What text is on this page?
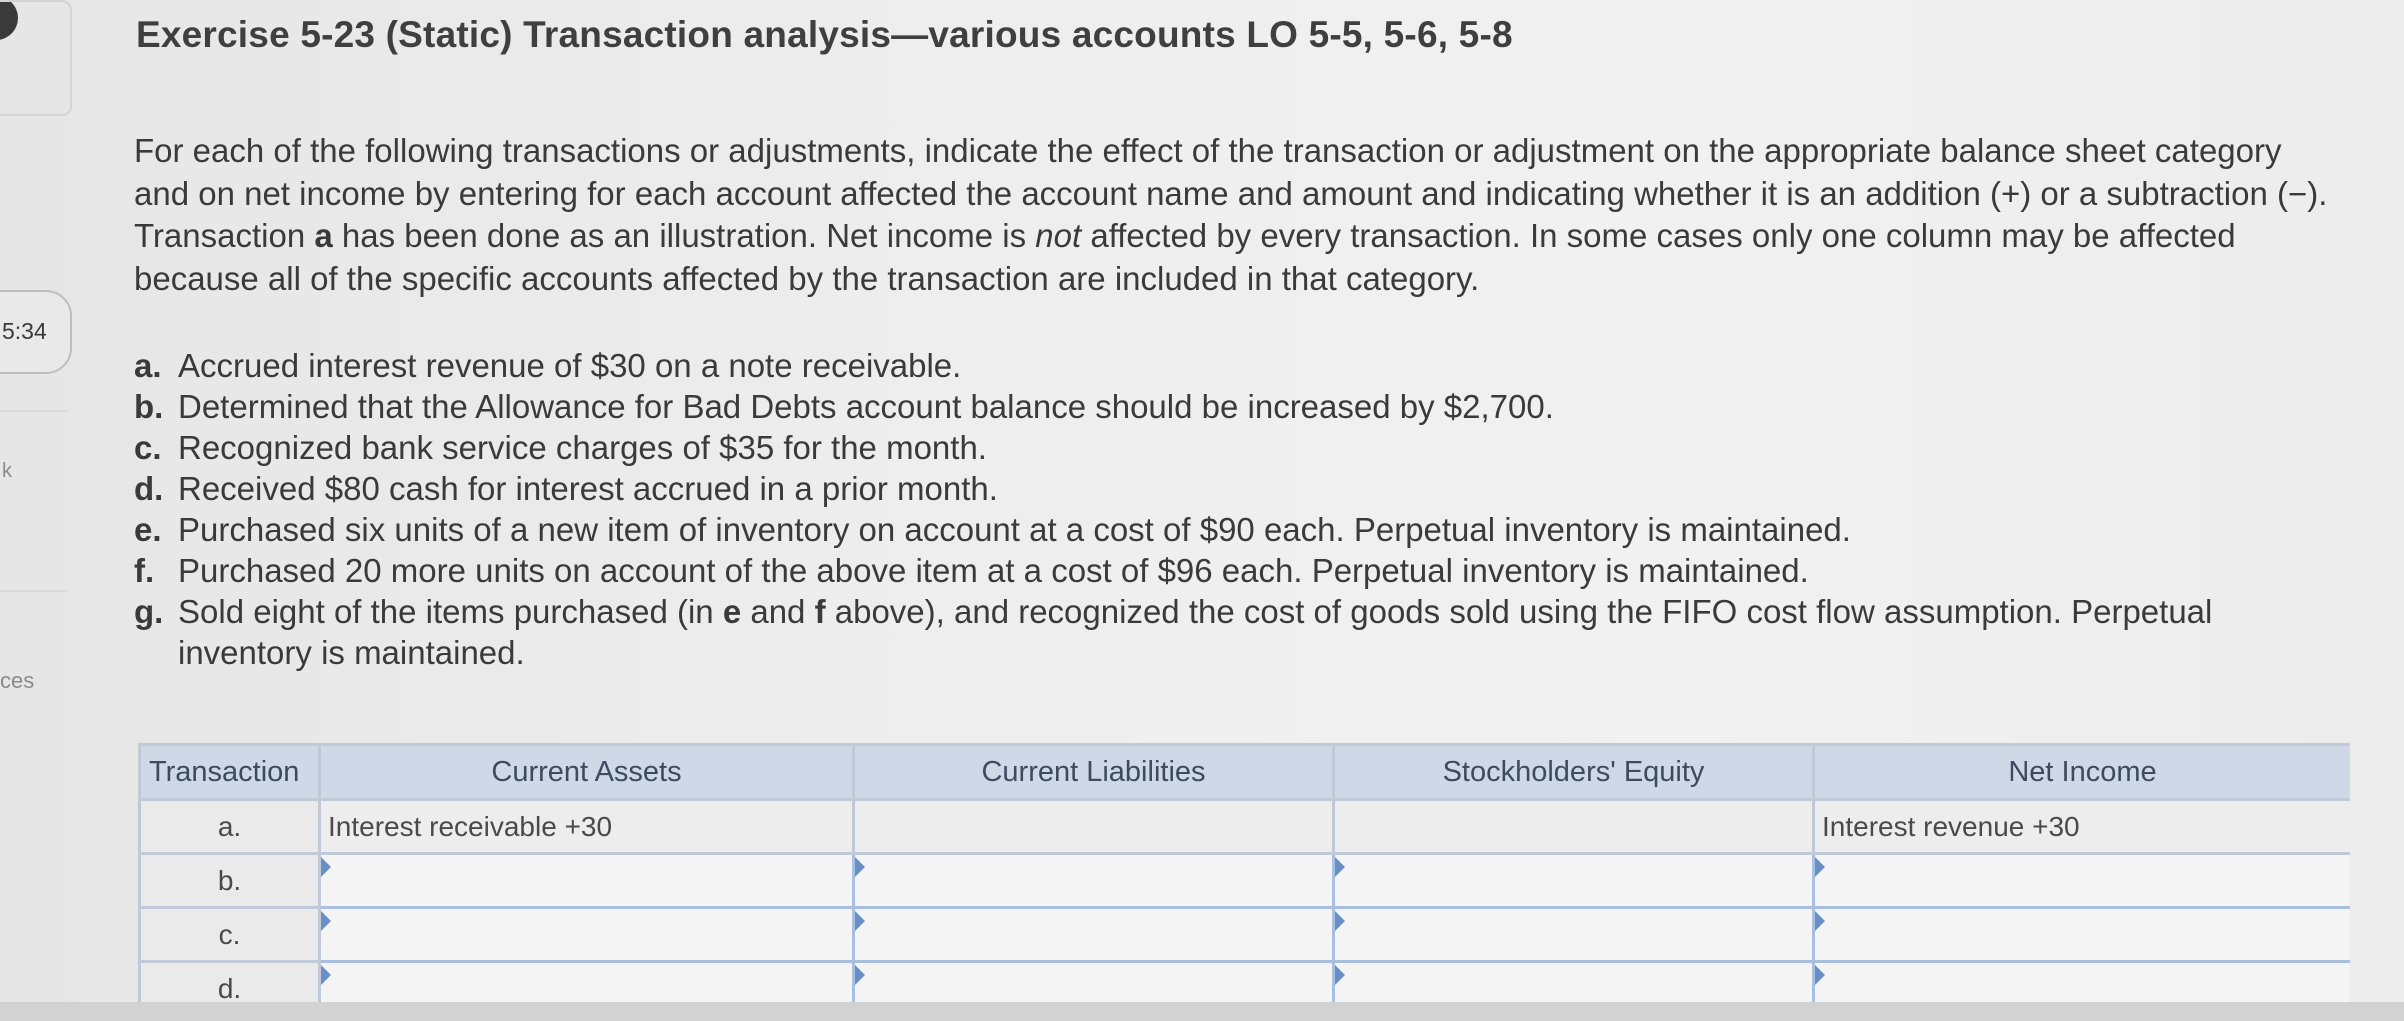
5:34
k
ces
Exercise 5-23 (Static) Transaction analysis—various accounts LO 5-5, 5-6, 5-8
For each of the following transactions or adjustments, indicate the effect of the transaction or adjustment on the appropriate balance sheet category and on net income by entering for each account affected the account name and amount and indicating whether it is an addition (+) or a subtraction (−). Transaction a has been done as an illustration. Net income is not affected by every transaction. In some cases only one column may be affected because all of the specific accounts affected by the transaction are included in that category.
a. Accrued interest revenue of $30 on a note receivable.
b. Determined that the Allowance for Bad Debts account balance should be increased by $2,700.
c. Recognized bank service charges of $35 for the month.
d. Received $80 cash for interest accrued in a prior month.
e. Purchased six units of a new item of inventory on account at a cost of $90 each. Perpetual inventory is maintained.
f. Purchased 20 more units on account of the above item at a cost of $96 each. Perpetual inventory is maintained.
g. Sold eight of the items purchased (in e and f above), and recognized the cost of goods sold using the FIFO cost flow assumption. Perpetual inventory is maintained.
Transaction	Current Assets	Current Liabilities	Stockholders' Equity	Net Income
a.	Interest receivable +30			Interest revenue +30
b.	

c.	

d.	
